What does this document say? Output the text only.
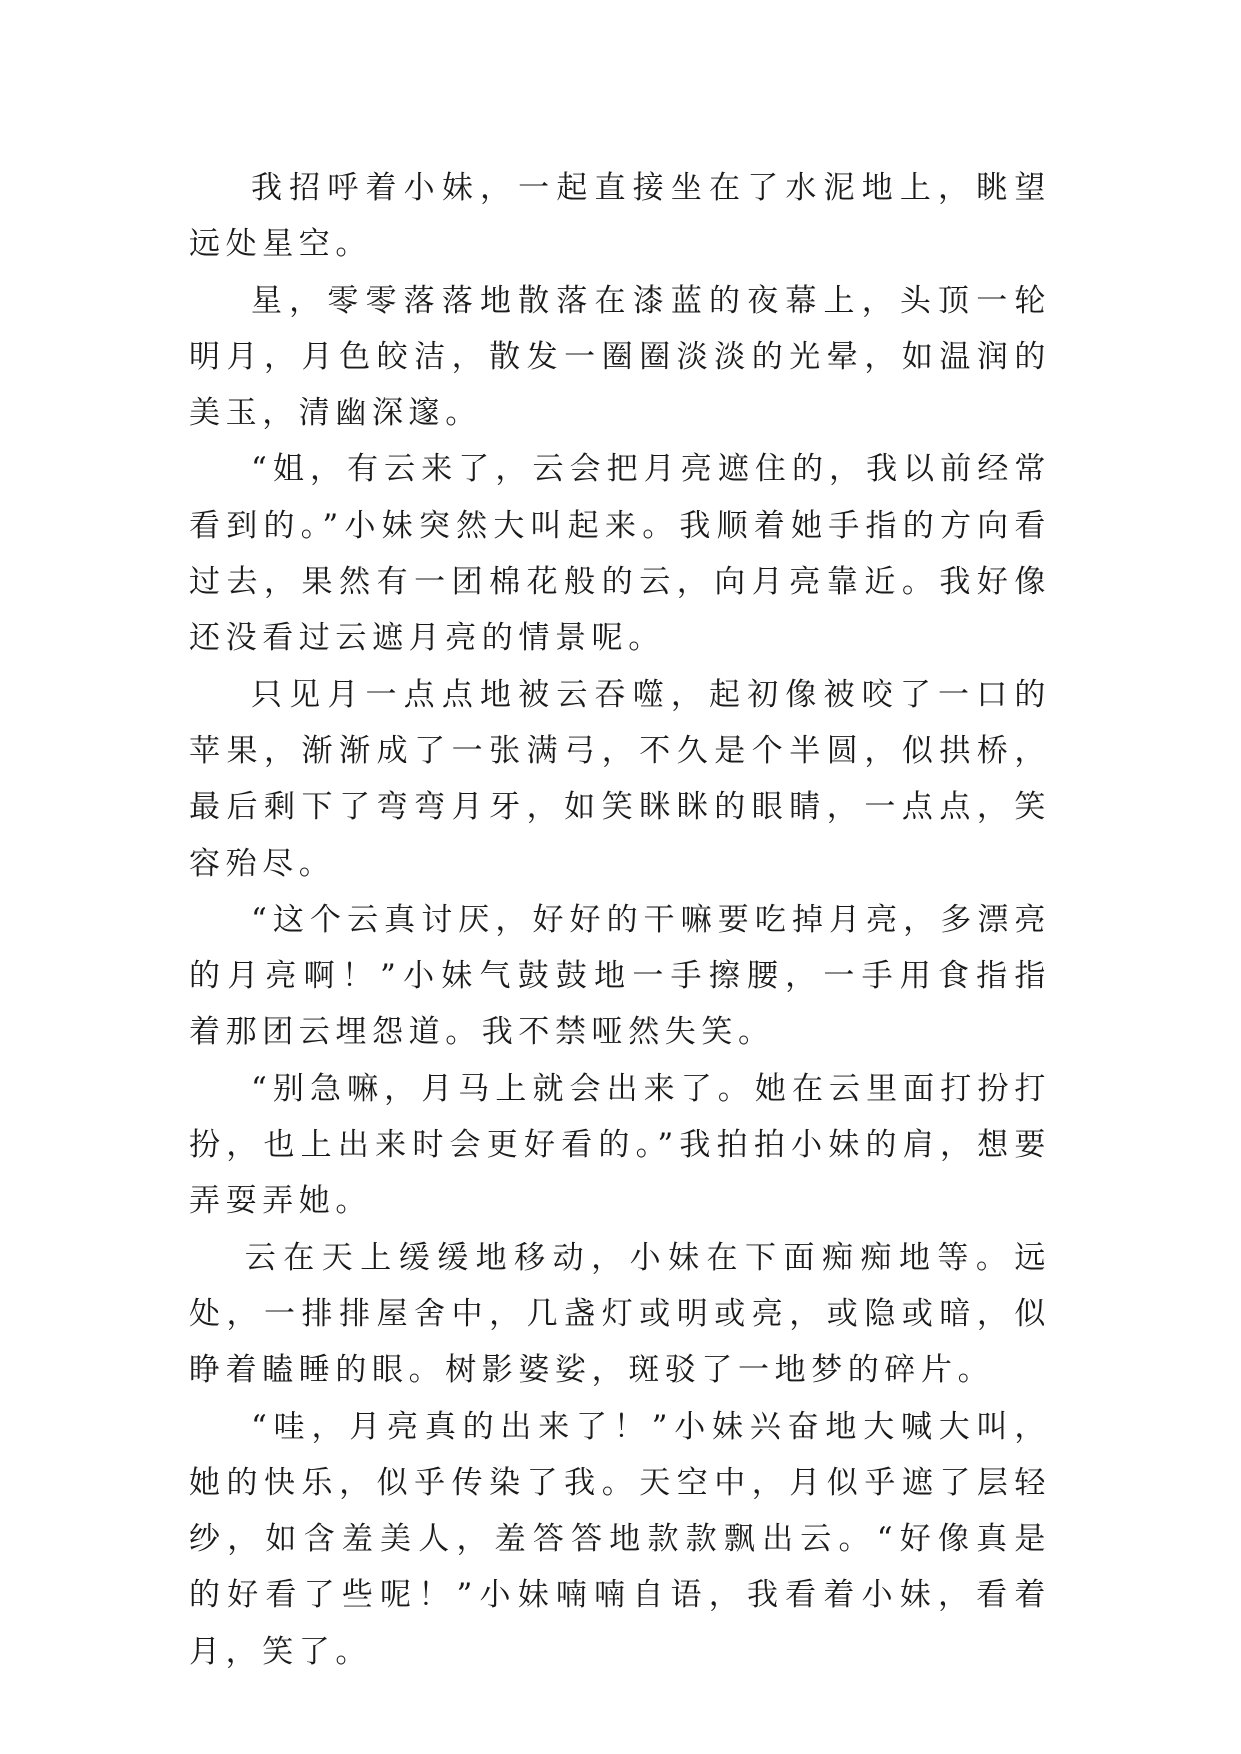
我招呼着小妹，一起直接坐在了水泥地上，眺望远处星空。

星，零零落落地散落在漆蓝的夜幕上，头顶一轮明月，月色皎洁，散发一圈圈淡淡的光晕，如温润的美玉，清幽深邃。

“姐，有云来了，云会把月亮遮住的，我以前经常看到的。”小妹突然大叫起来。我顺着她手指的方向看过去，果然有一团棉花般的云，向月亮靠近。我好像还没看过云遮月亮的情景呢。

只见月一点点地被云吞噬，起初像被咬了一口的苹果，渐渐成了一张满弓，不久是个半圆，似拱桥，最后剩下了弯弯月牙，如笑眯眯的眼睛，一点点，笑容殆尽。

“这个云真讨厌，好好的干嘛要吃掉月亮，多漂亮的月亮啊！”小妹气鼓鼓地一手擦腰，一手用食指指着那团云埋怨道。我不禁哑然失笑。

“别急嘛，月马上就会出来了。她在云里面打扮打扮，也上出来时会更好看的。”我拍拍小妹的肩，想要弄耍弄她。

云在天上缓缓地移动，小妹在下面痴痴地等。远处，一排排屋舍中，几盏灯或明或亮，或隐或暗，似睁着瞌睡的眼。树影婆娑，斑驳了一地梦的碎片。

“哇，月亮真的出来了！”小妹兴奋地大喊大叫，她的快乐，似乎传染了我。天空中，月似乎遮了层轻纱，如含羞美人，羞答答地款款飘出云。“好像真是的好看了些呢！”小妹喃喃自语，我看着小妹，看着月，笑了。
